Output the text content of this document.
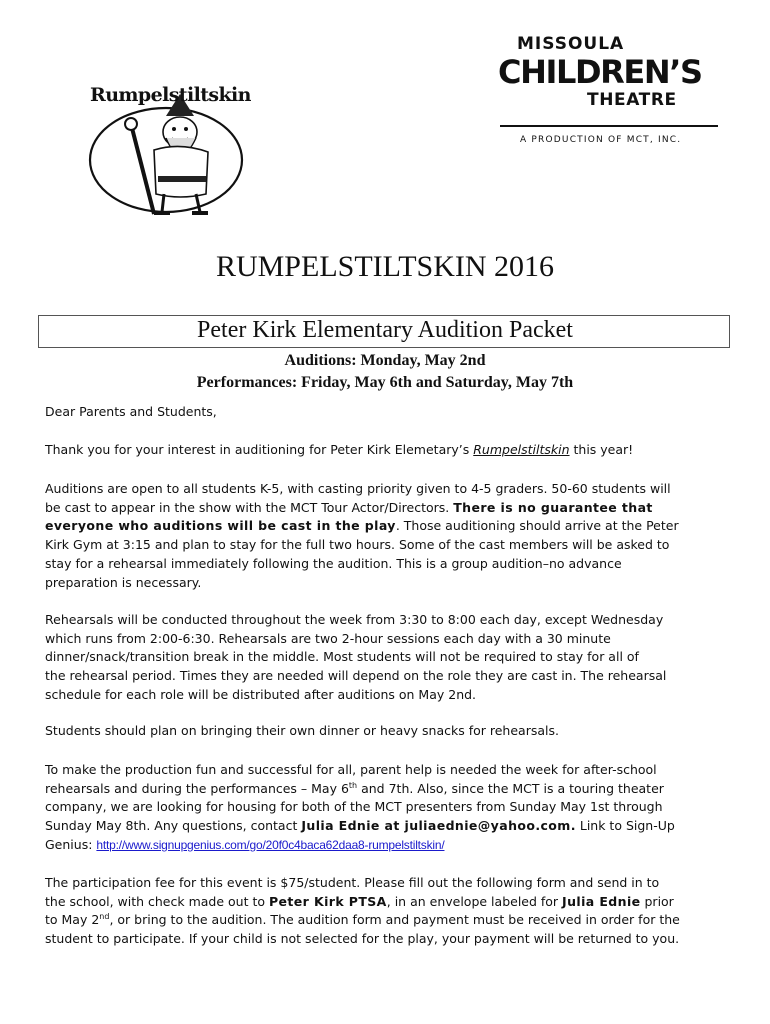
Rumpelstiltskin
MISSOULA
CHILDREN’S
THEATRE
A PRODUCTION OF MCT, INC.
RUMPELSTILTSKIN 2016
Peter Kirk Elementary Audition Packet
Auditions: Monday, May 2nd
Performances: Friday, May 6th and Saturday, May 7th
Dear Parents and Students,
Thank you for your interest in auditioning for Peter Kirk Elemetary’s Rumpelstiltskin this year!
Auditions are open to all students K-5, with casting priority given to 4-5 graders. 50-60 students will
be cast to appear in the show with the MCT Tour Actor/Directors. There is no guarantee that
everyone who auditions will be cast in the play. Those auditioning should arrive at the Peter
Kirk Gym at 3:15 and plan to stay for the full two hours. Some of the cast members will be asked to
stay for a rehearsal immediately following the audition. This is a group audition–no advance
preparation is necessary.
Rehearsals will be conducted throughout the week from 3:30 to 8:00 each day, except Wednesday
which runs from 2:00-6:30. Rehearsals are two 2-hour sessions each day with a 30 minute
dinner/snack/transition break in the middle. Most students will not be required to stay for all of
the rehearsal period. Times they are needed will depend on the role they are cast in. The rehearsal
schedule for each role will be distributed after auditions on May 2nd.
Students should plan on bringing their own dinner or heavy snacks for rehearsals.
To make the production fun and successful for all, parent help is needed the week for after-school
rehearsals and during the performances – May 6th and 7th. Also, since the MCT is a touring theater
company, we are looking for housing for both of the MCT presenters from Sunday May 1st through
Sunday May 8th. Any questions, contact Julia Ednie at juliaednie@yahoo.com. Link to Sign-Up
Genius: http://www.signupgenius.com/go/20f0c4baca62daa8-rumpelstiltskin/
The participation fee for this event is $75/student. Please fill out the following form and send in to
the school, with check made out to Peter Kirk PTSA, in an envelope labeled for Julia Ednie prior
to May 2nd, or bring to the audition. The audition form and payment must be received in order for the
student to participate. If your child is not selected for the play, your payment will be returned to you.
